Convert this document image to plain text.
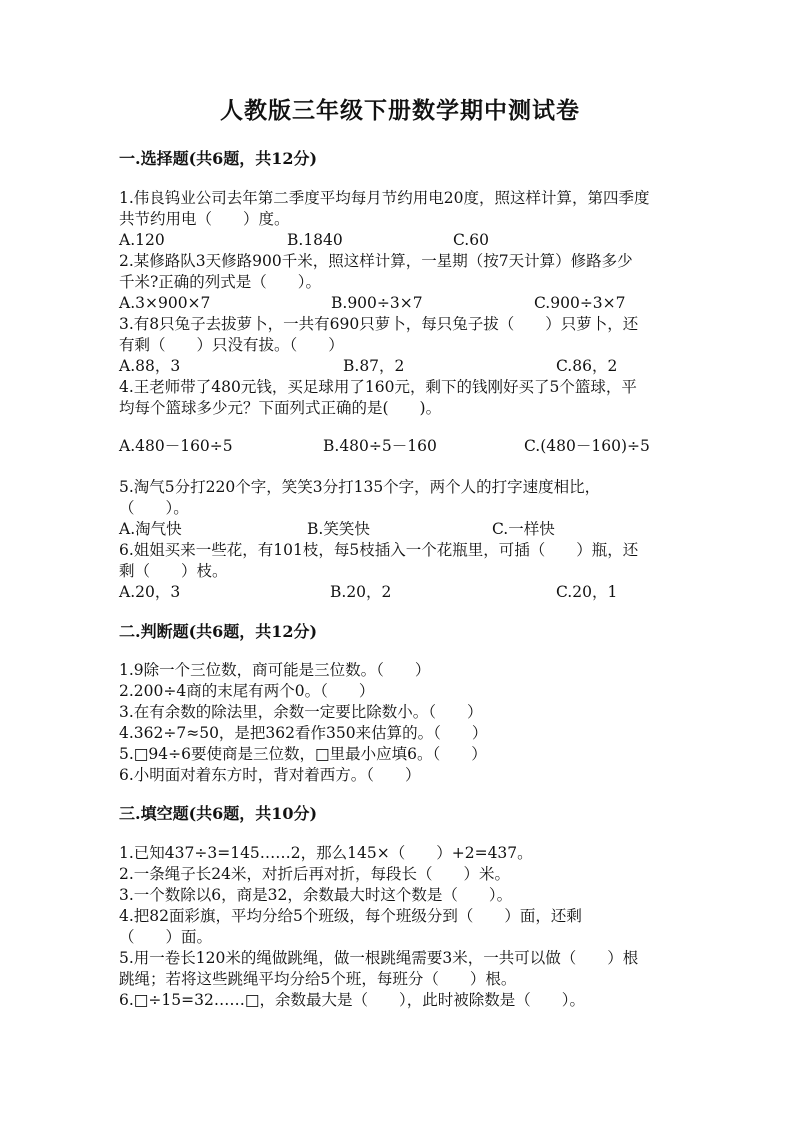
人教版三年级下册数学期中测试卷
一.选择题(共6题，共12分)
1.伟良钨业公司去年第二季度平均每月节约用电20度，照这样计算，第四季度
共节约用电（　　）度。
A.120	B.1840	C.60
2.某修路队3天修路900千米，照这样计算，一星期（按7天计算）修路多少
千米?正确的列式是（　　）。
A.3×900×7	B.900÷3×7	C.900÷3×7
3.有8只兔子去拔萝卜，一共有690只萝卜，每只兔子拔（　　）只萝卜，还
有剩（　　）只没有拔。（　　）
A.88，3	B.87，2	C.86，2
4.王老师带了480元钱，买足球用了160元，剩下的钱刚好买了5个篮球，平
均每个篮球多少元？下面列式正确的是(　　)。
A.480－160÷5	B.480÷5－160	C.(480－160)÷5
5.淘气5分打220个字，笑笑3分打135个字，两个人的打字速度相比，
（　　）。
A.淘气快	B.笑笑快	C.一样快
6.姐姐买来一些花，有101枝，每5枝插入一个花瓶里，可插（　　）瓶，还
剩（　　）枝。
A.20，3	B.20，2	C.20，1
二.判断题(共6题，共12分)
1.9除一个三位数，商可能是三位数。（　　）
2.200÷4商的末尾有两个0。（　　）
3.在有余数的除法里，余数一定要比除数小。（　　）
4.362÷7≈50，是把362看作350来估算的。（　　）
5.□94÷6要使商是三位数，□里最小应填6。（　　）
6.小明面对着东方时，背对着西方。（　　）
三.填空题(共6题，共10分)
1.已知437÷3=145……2，那么145×（　　）+2=437。
2.一条绳子长24米，对折后再对折，每段长（　　）米。
3.一个数除以6，商是32，余数最大时这个数是（　　）。
4.把82面彩旗，平均分给5个班级，每个班级分到（　　）面，还剩
（　　）面。
5.用一卷长120米的绳做跳绳，做一根跳绳需要3米，一共可以做（　　）根
跳绳；若将这些跳绳平均分给5个班，每班分（　　）根。
6.□÷15=32……□，余数最大是（　　），此时被除数是（　　）。
